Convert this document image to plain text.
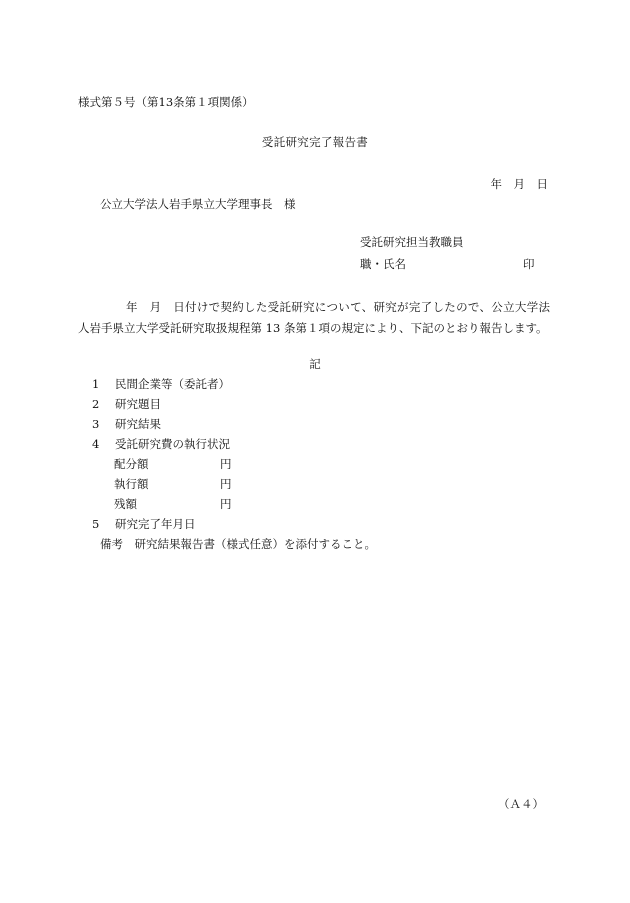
様式第５号（第13条第１項関係）
受託研究完了報告書
年　月　日
公立大学法人岩手県立大学理事長　様
受託研究担当教職員
職・氏名	印
年　月　日付けで契約した受託研究について、研究が完了したので、公立大学法人岩手県立大学受託研究取扱規程第 13 条第１項の規定により、下記のとおり報告します。
記
1 民間企業等（委託者）
2 研究題目
3 研究結果
4 受託研究費の執行状況
配分額	円
執行額	円
残額	円
5 研究完了年月日
備考　研究結果報告書（様式任意）を添付すること。
（Ａ４）
